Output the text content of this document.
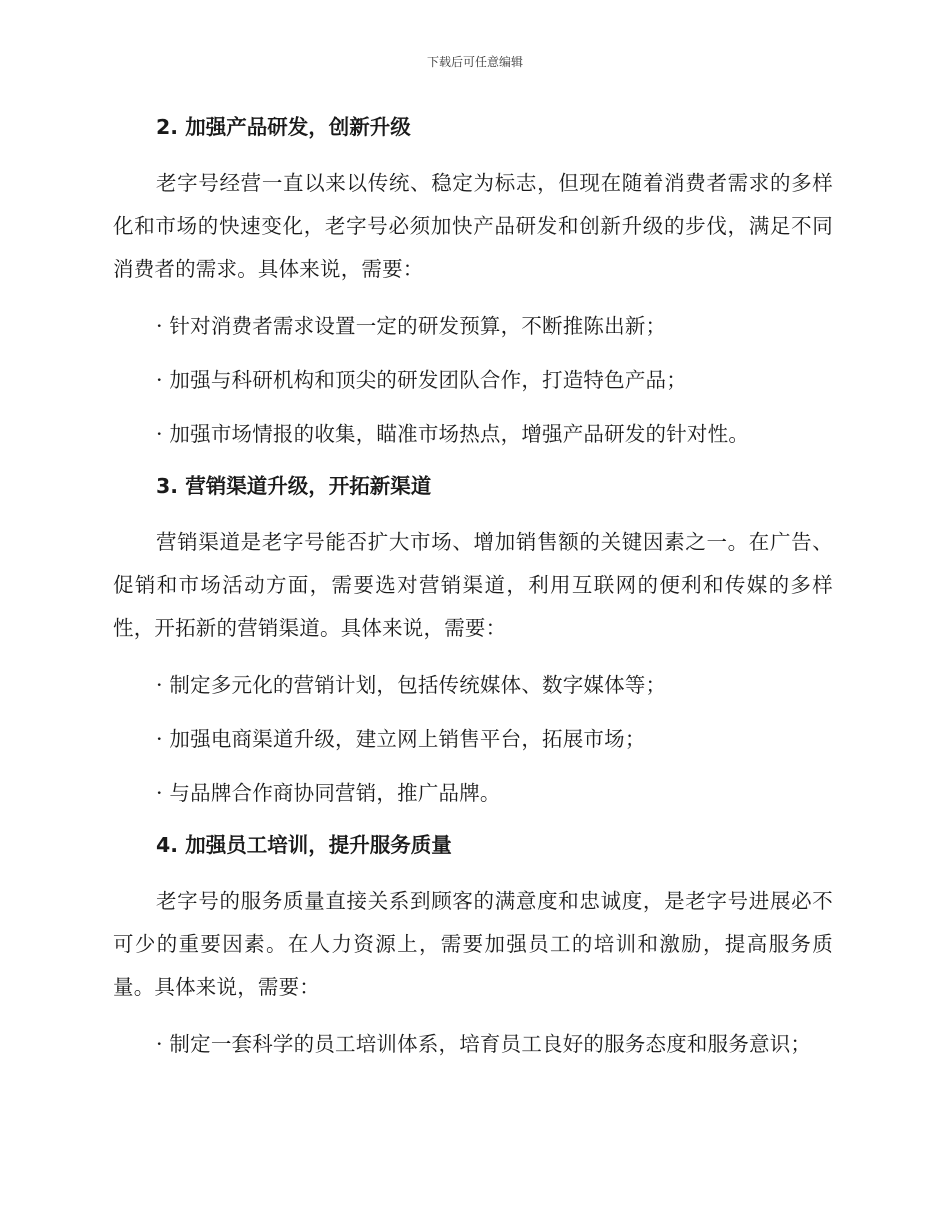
下载后可任意编辑
2. 加强产品研发，创新升级
老字号经营一直以来以传统、稳定为标志，但现在随着消费者需求的多样化和市场的快速变化，老字号必须加快产品研发和创新升级的步伐，满足不同消费者的需求。具体来说，需要：
· 针对消费者需求设置一定的研发预算，不断推陈出新；
· 加强与科研机构和顶尖的研发团队合作，打造特色产品；
· 加强市场情报的收集，瞄准市场热点，增强产品研发的针对性。
3. 营销渠道升级，开拓新渠道
营销渠道是老字号能否扩大市场、增加销售额的关键因素之一。在广告、促销和市场活动方面，需要选对营销渠道，利用互联网的便利和传媒的多样性，开拓新的营销渠道。具体来说，需要：
· 制定多元化的营销计划，包括传统媒体、数字媒体等；
· 加强电商渠道升级，建立网上销售平台，拓展市场；
· 与品牌合作商协同营销，推广品牌。
4. 加强员工培训，提升服务质量
老字号的服务质量直接关系到顾客的满意度和忠诚度，是老字号进展必不可少的重要因素。在人力资源上，需要加强员工的培训和激励，提高服务质量。具体来说，需要：
· 制定一套科学的员工培训体系，培育员工良好的服务态度和服务意识；
